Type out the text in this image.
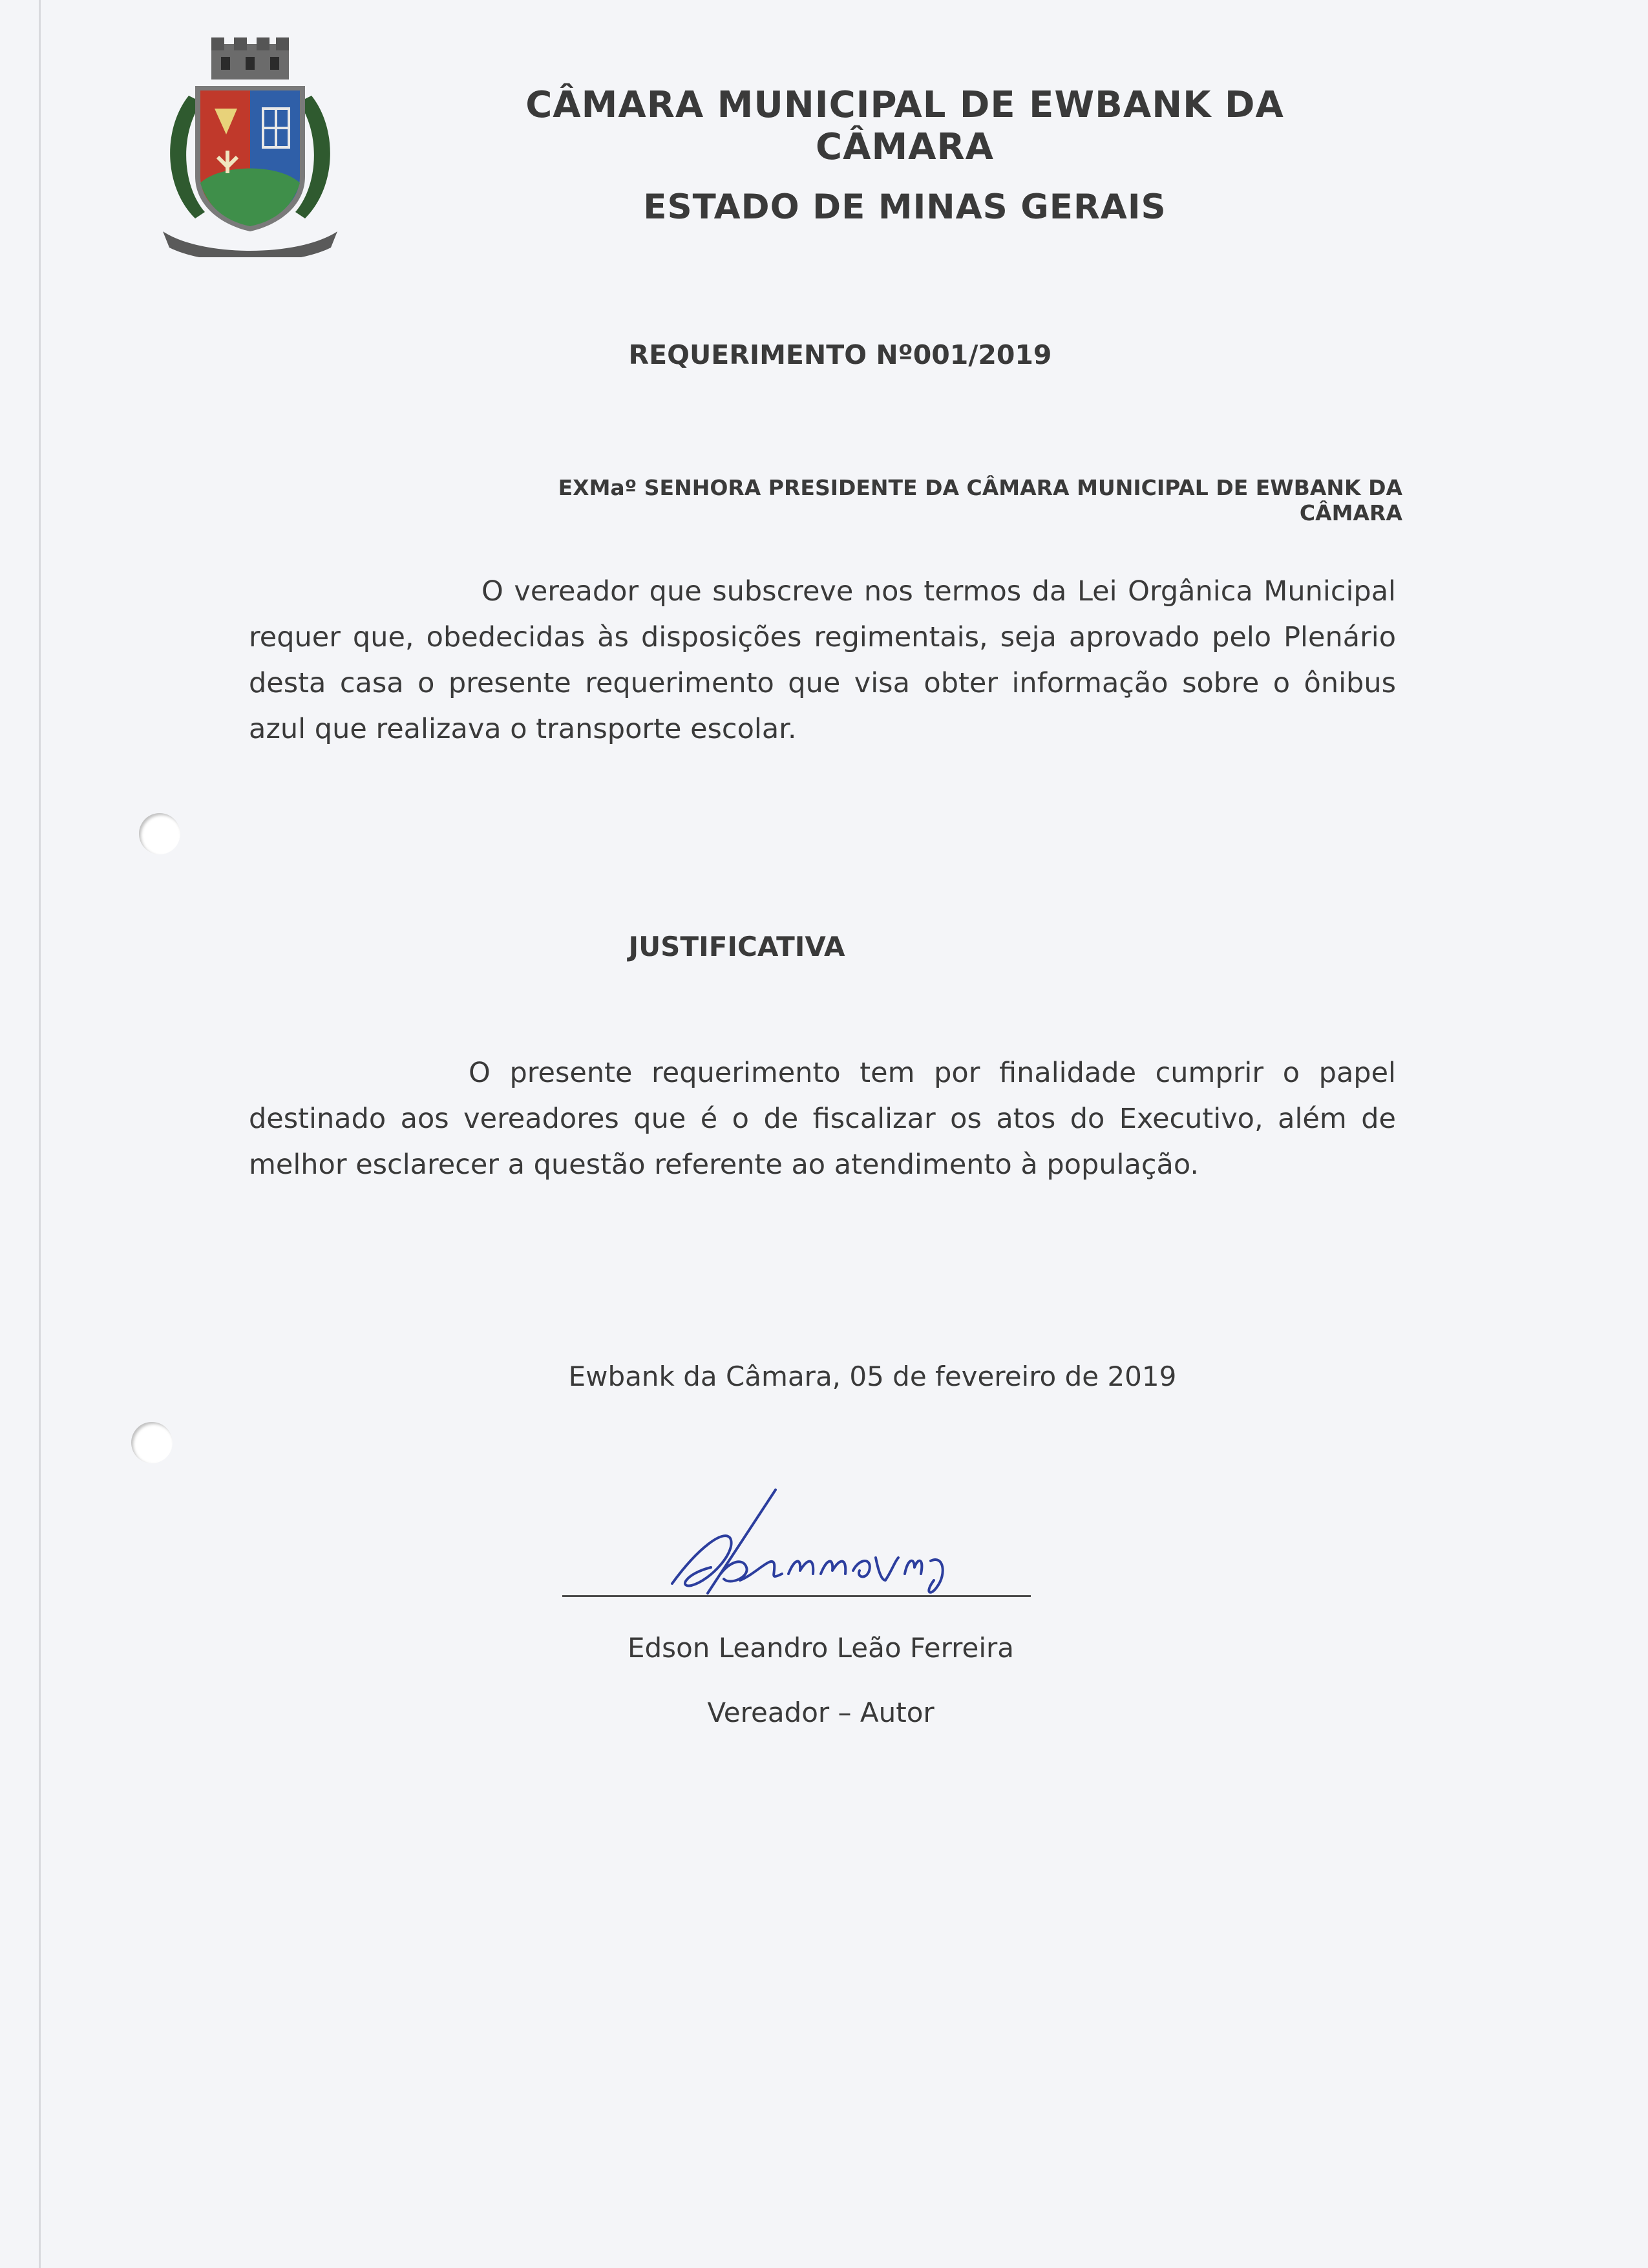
CÂMARA MUNICIPAL DE EWBANK DA CÂMARA
ESTADO DE MINAS GERAIS
REQUERIMENTO Nº001/2019
EXMaº SENHORA PRESIDENTE DA CÂMARA MUNICIPAL DE EWBANK DA CÂMARA
O vereador que subscreve nos termos da Lei Orgânica Municipal requer que, obedecidas às disposições regimentais, seja aprovado pelo Plenário desta casa o presente requerimento que visa obter informação sobre o ônibus azul que realizava o transporte escolar.
JUSTIFICATIVA
O presente requerimento tem por finalidade cumprir o papel destinado aos vereadores que é o de fiscalizar os atos do Executivo, além de melhor esclarecer a questão referente ao atendimento à população.
Ewbank da Câmara, 05 de fevereiro de 2019
Edson Leandro Leão Ferreira
Vereador – Autor
